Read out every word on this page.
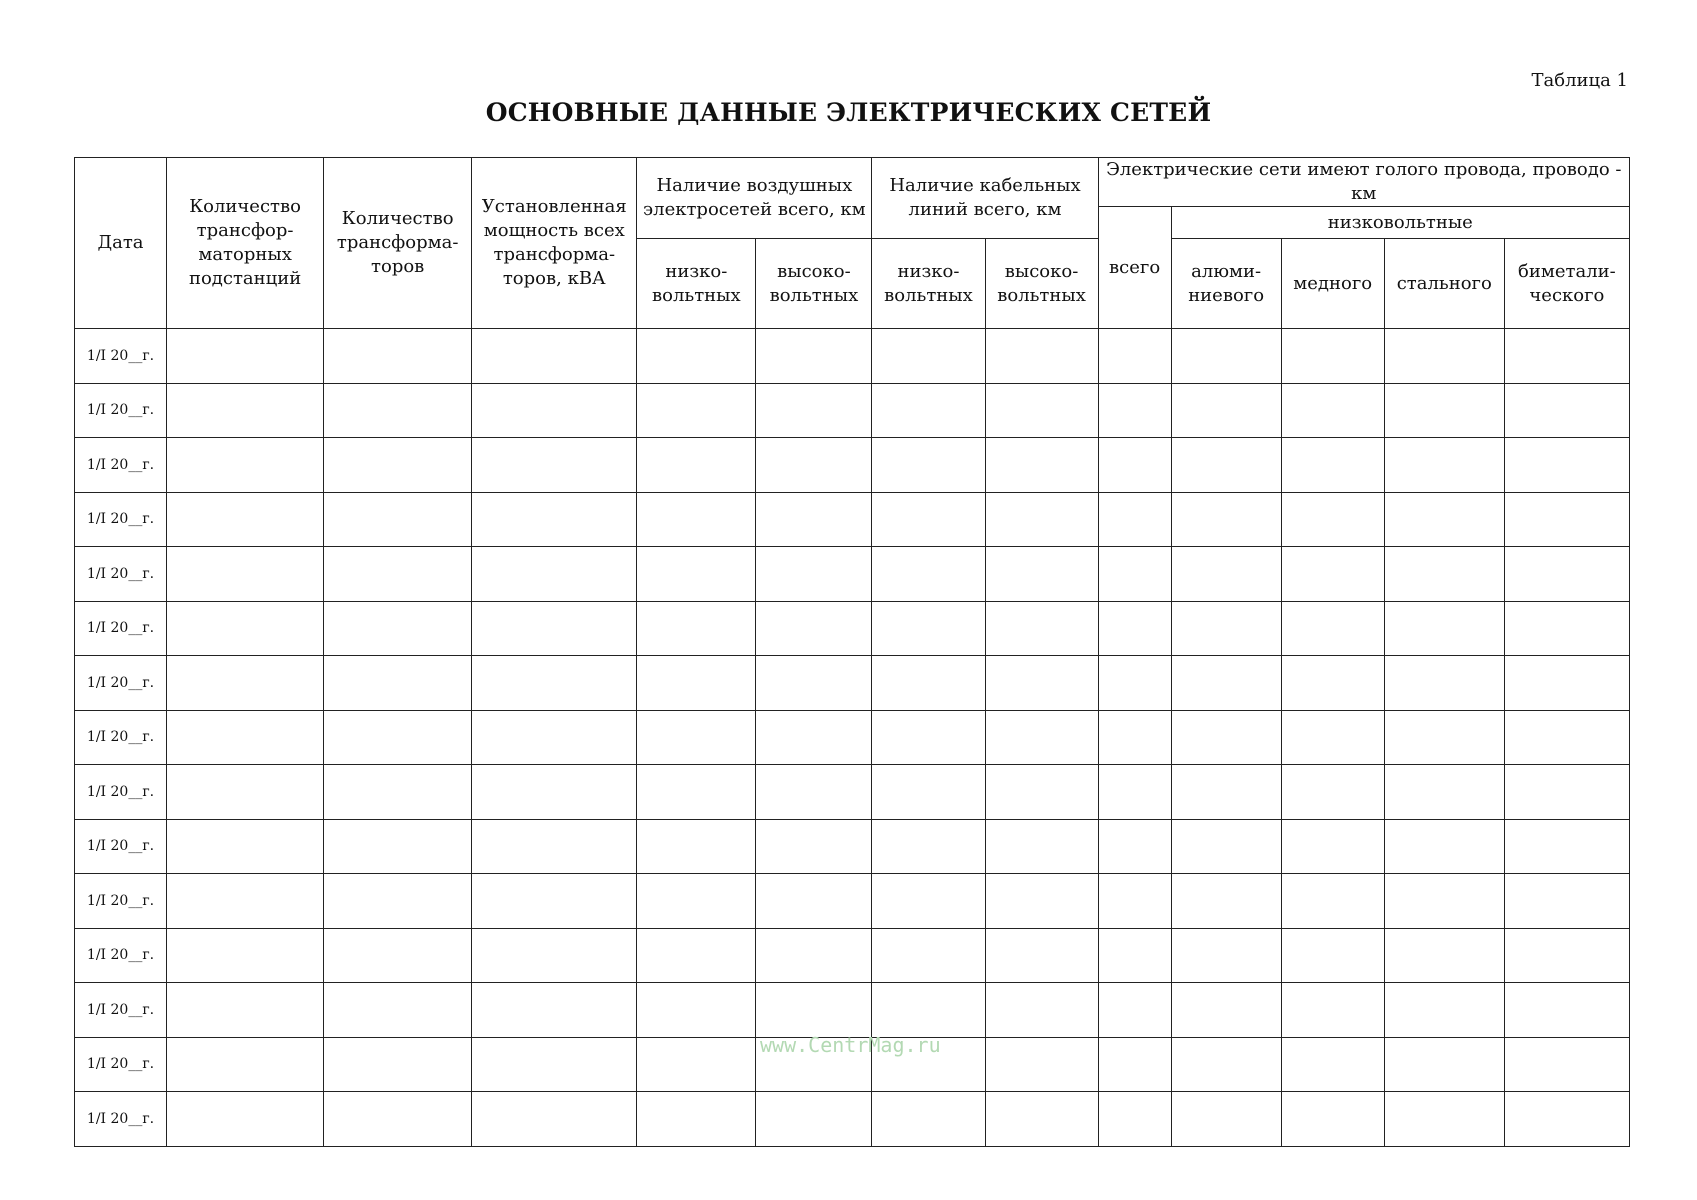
Таблица 1
ОСНОВНЫЕ ДАННЫЕ ЭЛЕКТРИЧЕСКИХ СЕТЕЙ
Дата	Количество трансфор-маторных подстанций	Количество трансформа-торов	Установленная мощность всех трансформа-торов, кВА	Наличие воздушных электросетей всего, км		Наличие кабельных линий всего, км		Электрические сети имеют голого провода, проводо - км				
								всего	низковольтные			
				низко-вольтных	высоко-вольтных	низко-вольтных	высоко-вольтных		алюми-ниевого	медного	стального	биметали-ческого
1/I 20__г.												
1/I 20__г.												
1/I 20__г.												
1/I 20__г.												
1/I 20__г.												
1/I 20__г.												
1/I 20__г.												
1/I 20__г.												
1/I 20__г.												
1/I 20__г.												
1/I 20__г.												
1/I 20__г.												
1/I 20__г.												
1/I 20__г.												
1/I 20__г.												
www.CentrMag.ru
